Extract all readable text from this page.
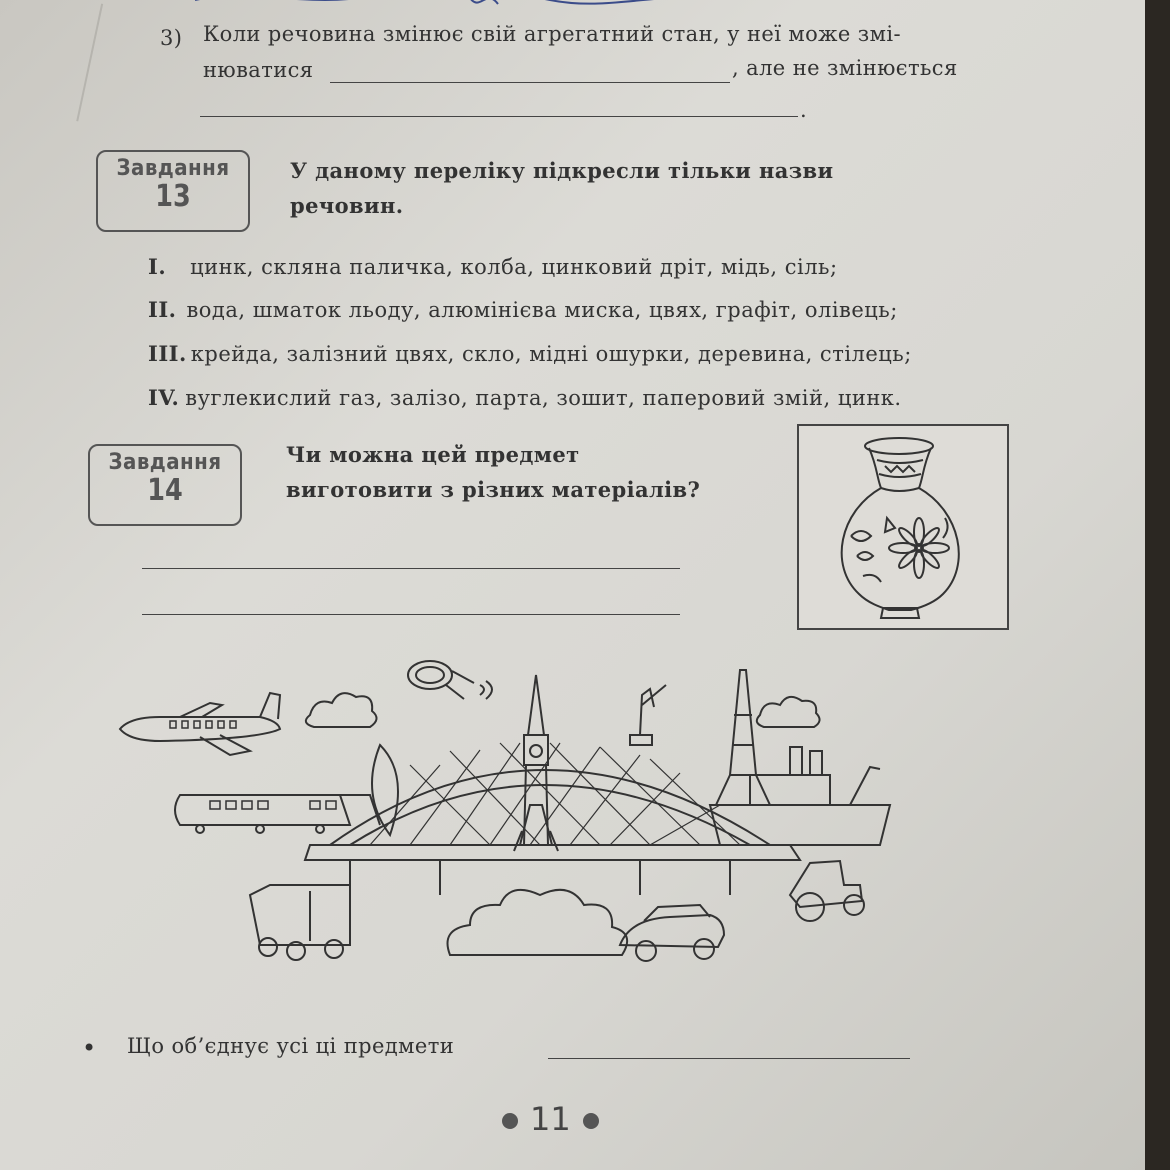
3) Коли речовина змінює свій агрегатний стан, у неї може змі-
нюватися	, але не змінюється
.
Завдання
13
У даному переліку підкресли тільки назви
речовин.
I. цинк, скляна паличка, колба, цинковий дріт, мідь, сіль;
II. вода, шматок льоду, алюмінієва миска, цвях, графіт, олівець;
III. крейда, залізний цвях, скло, мідні ошурки, деревина, стілець;
IV. вуглекислий газ, залізо, парта, зошит, паперовий змій, цинк.
Завдання
14
Чи можна цей предмет
виготовити з різних матеріалів?
• Що об’єднує усі ці предмети
11
